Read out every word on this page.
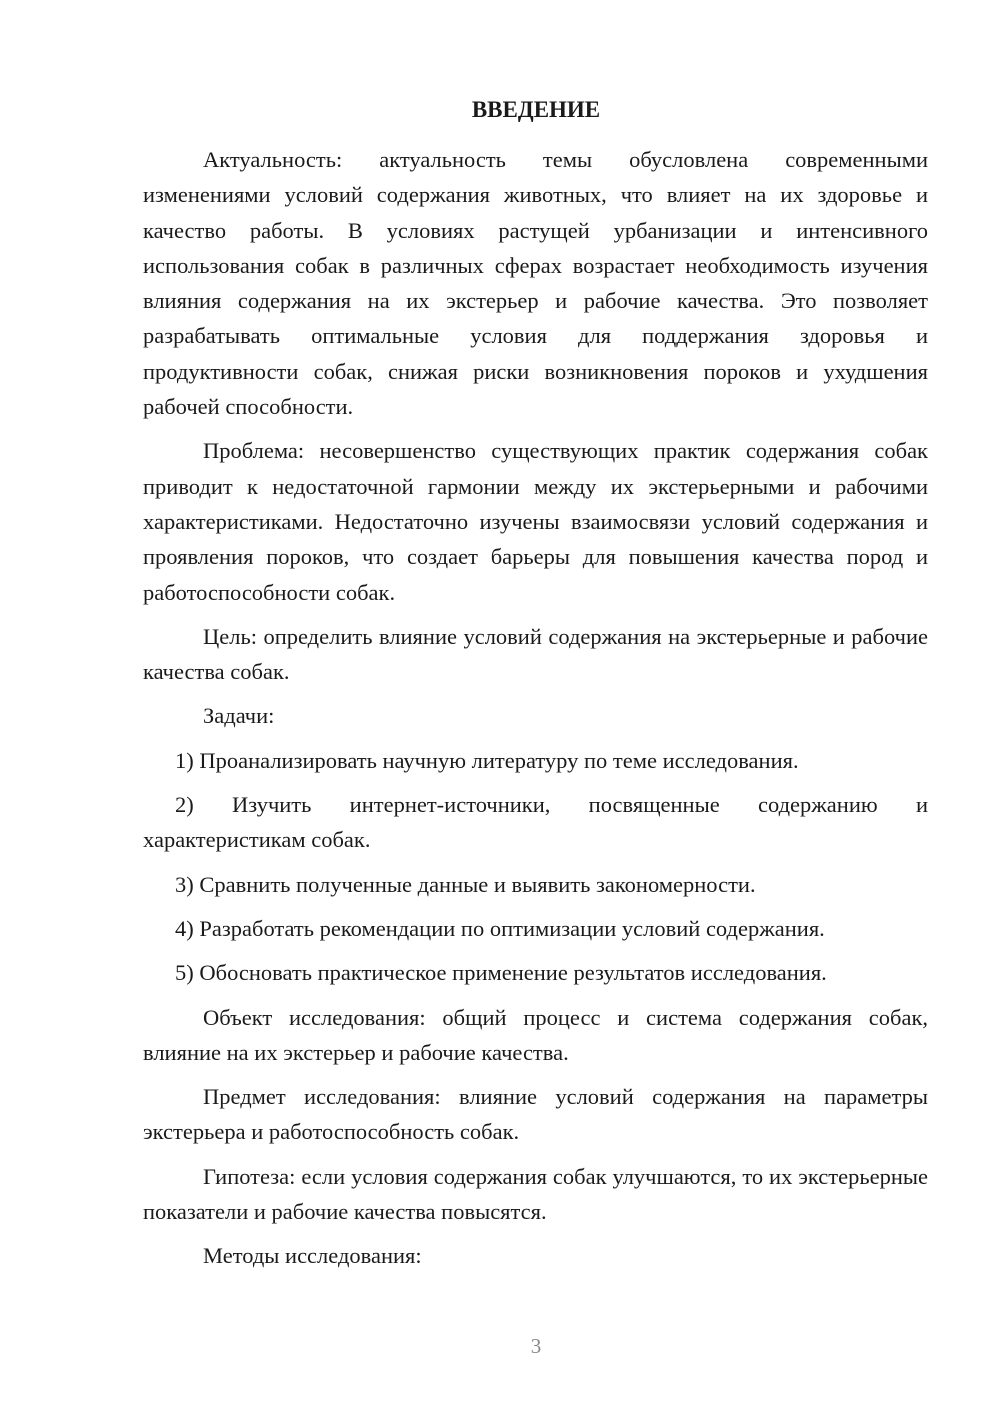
ВВЕДЕНИЕ

Актуальность: актуальность темы обусловлена современными изменениями условий содержания животных, что влияет на их здоровье и качество работы. В условиях растущей урбанизации и интенсивного использования собак в различных сферах возрастает необходимость изучения влияния содержания на их экстерьер и рабочие качества. Это позволяет разрабатывать оптимальные условия для поддержания здоровья и продуктивности собак, снижая риски возникновения пороков и ухудшения рабочей способности.

Проблема: несовершенство существующих практик содержания собак приводит к недостаточной гармонии между их экстерьерными и рабочими характеристиками. Недостаточно изучены взаимосвязи условий содержания и проявления пороков, что создает барьеры для повышения качества пород и работоспособности собак.

Цель: определить влияние условий содержания на экстерьерные и рабочие качества собак.

Задачи:

1) Проанализировать научную литературу по теме исследования.

2) Изучить интернет-источники, посвященные содержанию и характеристикам собак.

3) Сравнить полученные данные и выявить закономерности.

4) Разработать рекомендации по оптимизации условий содержания.

5) Обосновать практическое применение результатов исследования.

Объект исследования: общий процесс и система содержания собак, влияние на их экстерьер и рабочие качества.

Предмет исследования: влияние условий содержания на параметры экстерьера и работоспособность собак.

Гипотеза: если условия содержания собак улучшаются, то их экстерьерные показатели и рабочие качества повысятся.

Методы исследования:

3
